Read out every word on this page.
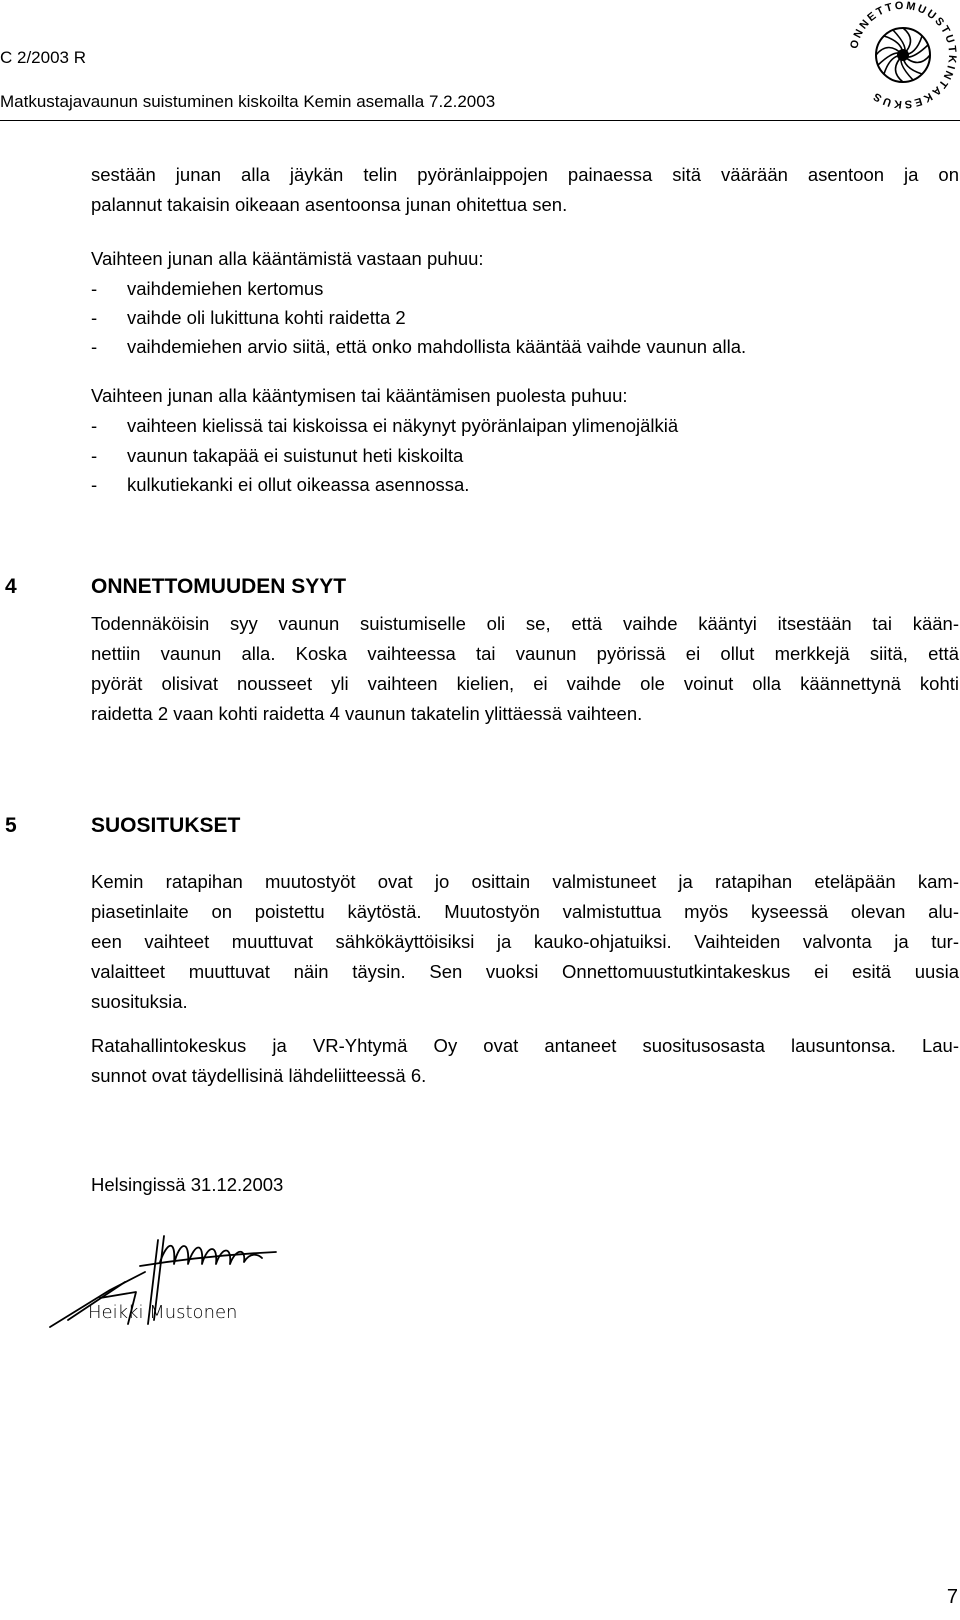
C 2/2003 R
Matkustajavaunun suistuminen kiskoilta Kemin asemalla 7.2.2003
ONNETTOMUUSTUTKINTAKESKUS
sestään junan alla jäykän telin pyöränlaippojen painaessa sitä väärään asentoon ja on
palannut takaisin oikeaan asentoonsa junan ohitettua sen.
Vaihteen junan alla kääntämistä vastaan puhuu:
-	vaihdemiehen kertomus
-	vaihde oli lukittuna kohti raidetta 2
-	vaihdemiehen arvio siitä, että onko mahdollista kääntää vaihde vaunun alla.
Vaihteen junan alla kääntymisen tai kääntämisen puolesta puhuu:
-	vaihteen kielissä tai kiskoissa ei näkynyt pyöränlaipan ylimenojälkiä
-	vaunun takapää ei suistunut heti kiskoilta
-	kulkutiekanki ei ollut oikeassa asennossa.
4	ONNETTOMUUDEN SYYT
Todennäköisin syy vaunun suistumiselle oli se, että vaihde kääntyi itsestään tai kään-
nettiin vaunun alla. Koska vaihteessa tai vaunun pyörissä ei ollut merkkejä siitä, että
pyörät olisivat nousseet yli vaihteen kielien, ei vaihde ole voinut olla käännettynä kohti
raidetta 2 vaan kohti raidetta 4 vaunun takatelin ylittäessä vaihteen.
5	SUOSITUKSET
Kemin ratapihan muutostyöt ovat jo osittain valmistuneet ja ratapihan eteläpään kam-
piasetinlaite on poistettu käytöstä. Muutostyön valmistuttua myös kyseessä olevan alu-
een vaihteet muuttuvat sähkökäyttöisiksi ja kauko-ohjatuiksi. Vaihteiden valvonta ja tur-
valaitteet muuttuvat näin täysin. Sen vuoksi Onnettomuustutkintakeskus ei esitä uusia
suosituksia.
Ratahallintokeskus ja VR-Yhtymä Oy ovat antaneet suositusosasta lausuntonsa. Lau-
sunnot ovat täydellisinä lähdeliitteessä 6.
Helsingissä 31.12.2003
Heikki Mustonen
7
